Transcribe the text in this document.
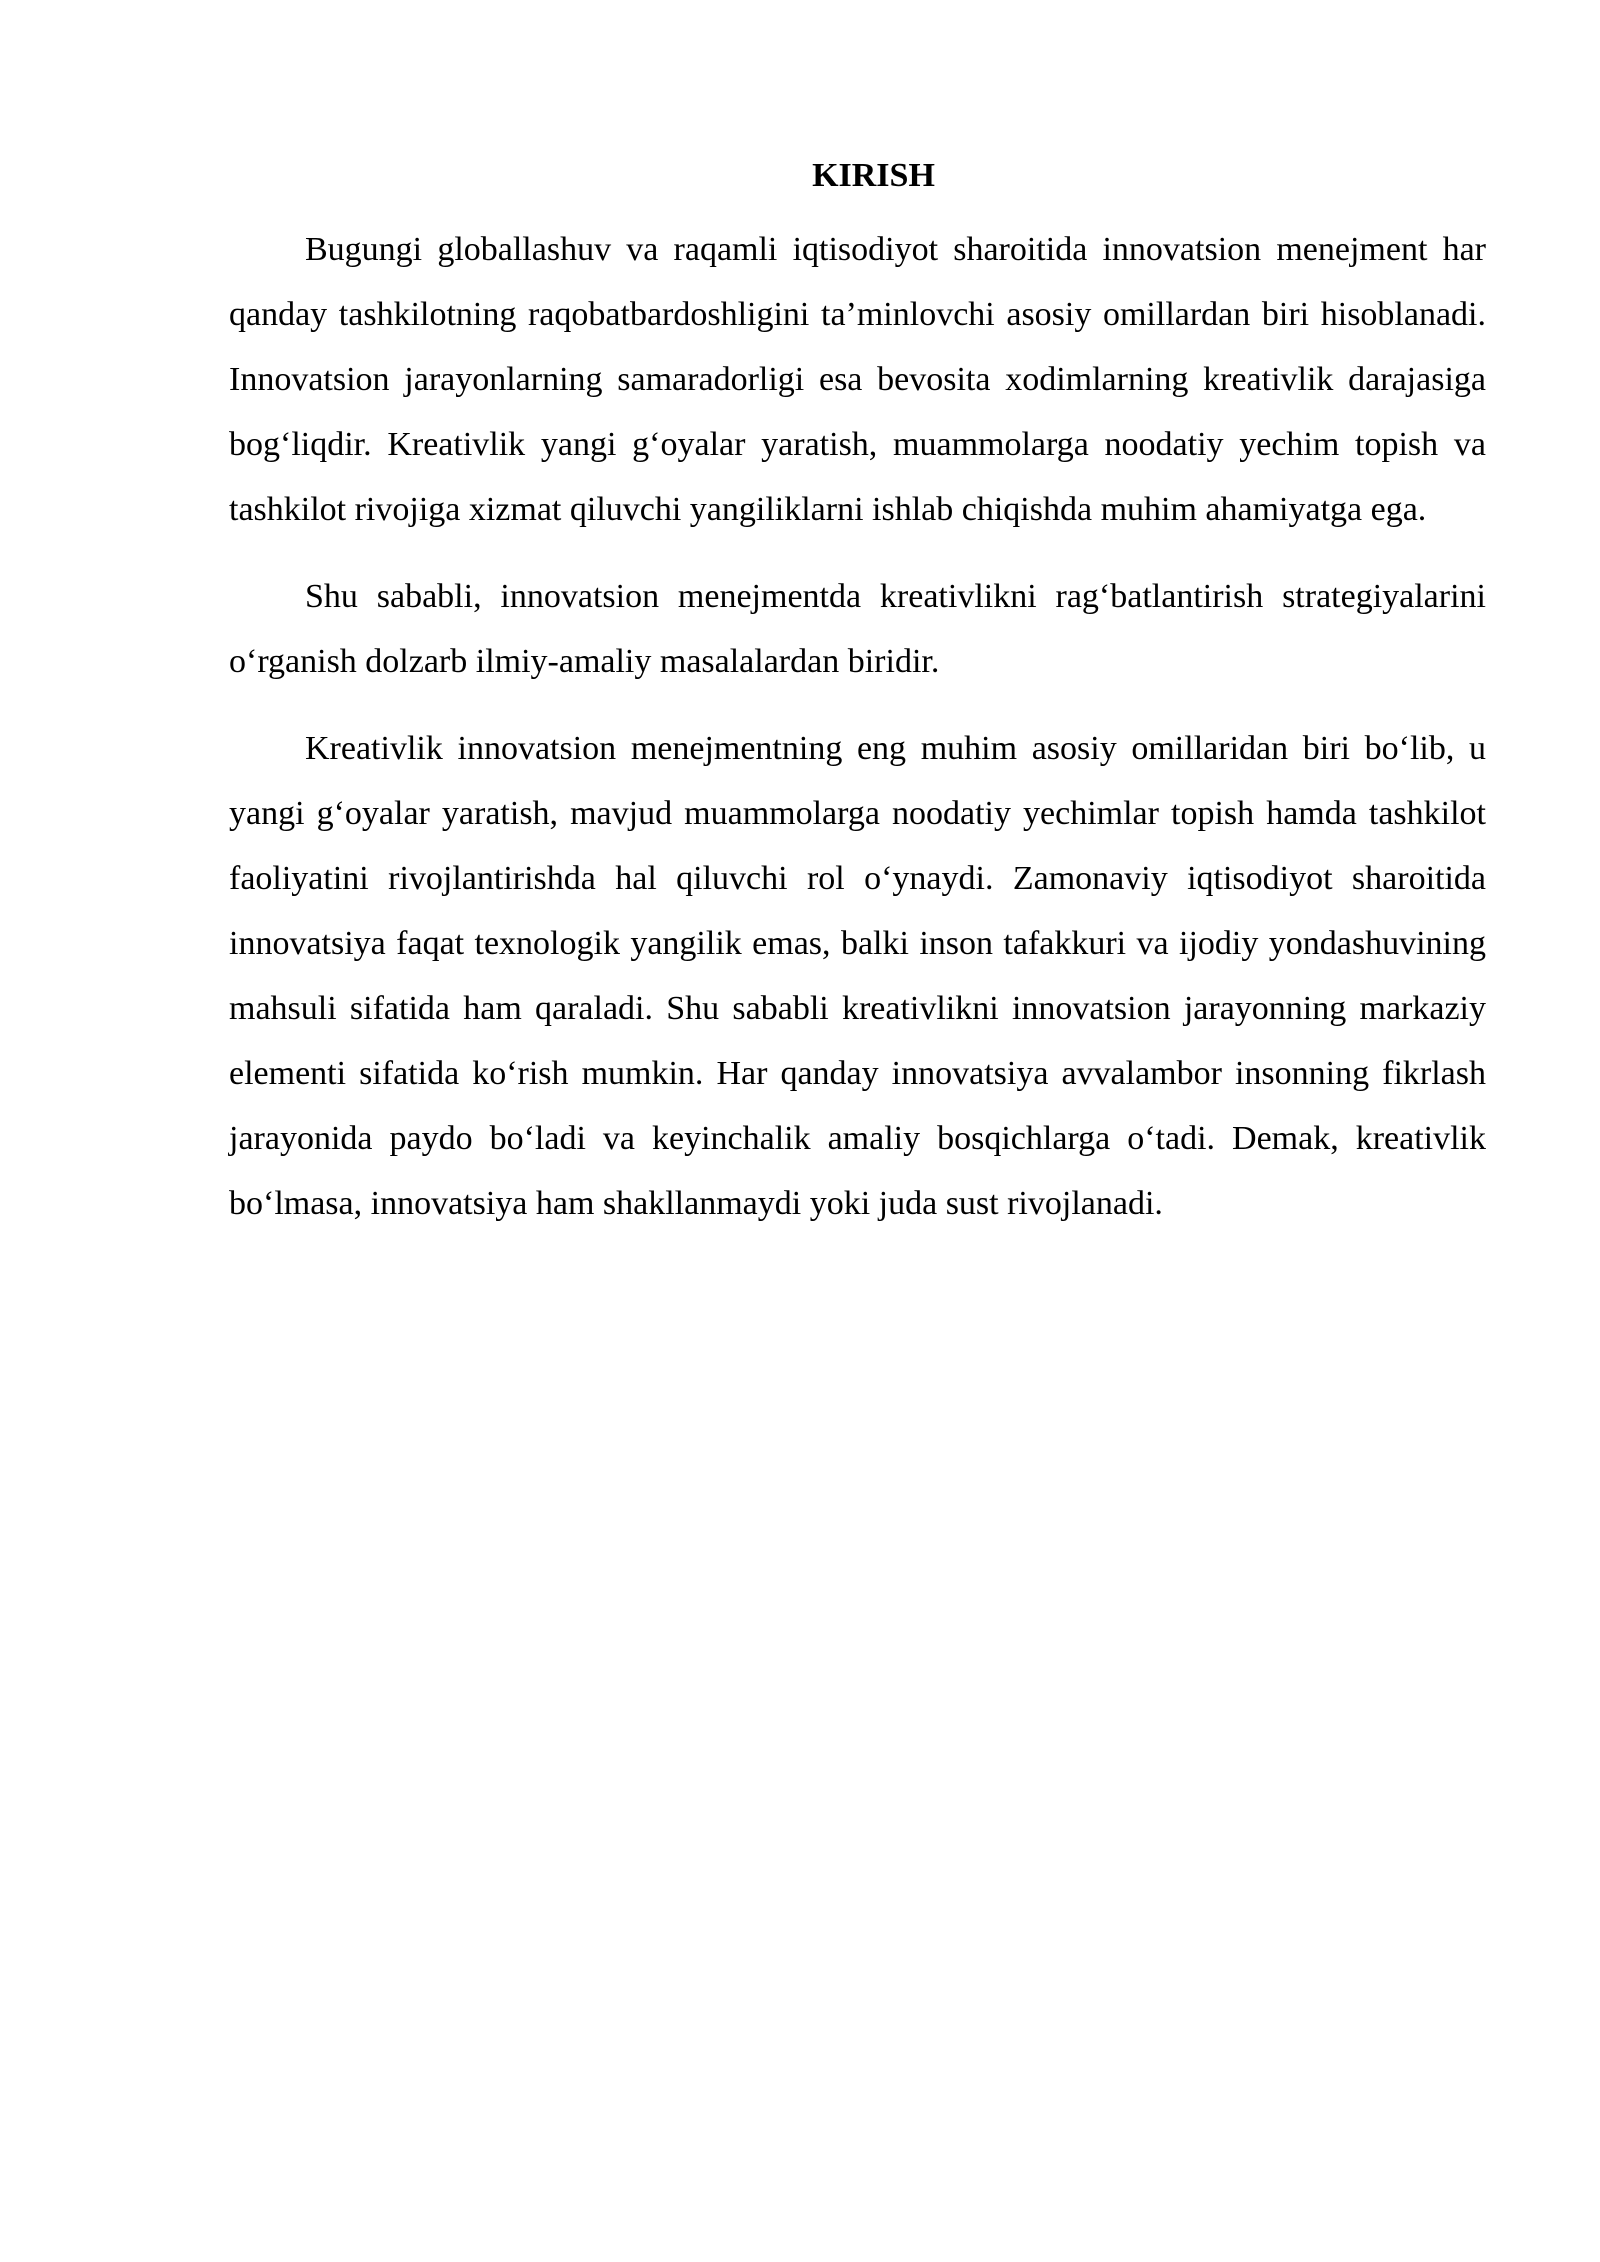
KIRISH

Bugungi globallashuv va raqamli iqtisodiyot sharoitida innovatsion menejment har qanday tashkilotning raqobatbardoshligini ta’minlovchi asosiy omillardan biri hisoblanadi. Innovatsion jarayonlarning samaradorligi esa bevosita xodimlarning kreativlik darajasiga bog‘liqdir. Kreativlik yangi g‘oyalar yaratish, muammolarga noodatiy yechim topish va tashkilot rivojiga xizmat qiluvchi yangiliklarni ishlab chiqishda muhim ahamiyatga ega.

Shu sababli, innovatsion menejmentda kreativlikni rag‘batlantirish strategiyalarini o‘rganish dolzarb ilmiy-amaliy masalalardan biridir.

Kreativlik innovatsion menejmentning eng muhim asosiy omillaridan biri bo‘lib, u yangi g‘oyalar yaratish, mavjud muammolarga noodatiy yechimlar topish hamda tashkilot faoliyatini rivojlantirishda hal qiluvchi rol o‘ynaydi. Zamonaviy iqtisodiyot sharoitida innovatsiya faqat texnologik yangilik emas, balki inson tafakkuri va ijodiy yondashuvining mahsuli sifatida ham qaraladi. Shu sababli kreativlikni innovatsion jarayonning markaziy elementi sifatida ko‘rish mumkin. Har qanday innovatsiya avvalambor insonning fikrlash jarayonida paydo bo‘ladi va keyinchalik amaliy bosqichlarga o‘tadi. Demak, kreativlik bo‘lmasa, innovatsiya ham shakllanmaydi yoki juda sust rivojlanadi.
